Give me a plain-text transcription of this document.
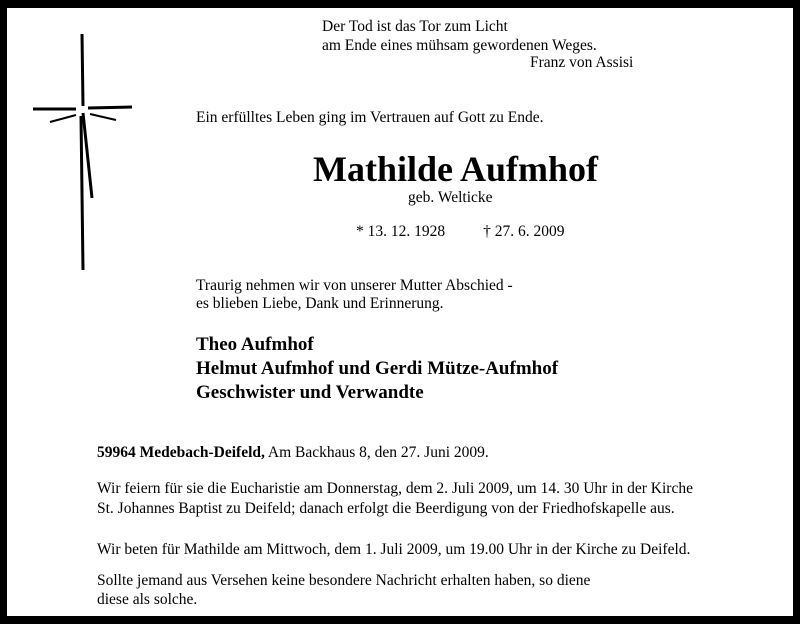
Der Tod ist das Tor zum Licht

am Ende eines mühsam gewordenen Weges.

Franz von Assisi

Ein erfülltes Leben ging im Vertrauen auf Gott zu Ende.

Mathilde Aufmhof

geb. Welticke

* 13. 12. 1928 † 27. 6. 2009

Traurig nehmen wir von unserer Mutter Abschied -

es blieben Liebe, Dank und Erinnerung.

Theo Aufmhof

Helmut Aufmhof und Gerdi Mütze-Aufmhof

Geschwister und Verwandte

59964 Medebach-Deifeld, Am Backhaus 8, den 27. Juni 2009.

Wir feiern für sie die Eucharistie am Donnerstag, dem 2. Juli 2009, um 14. 30 Uhr in der Kirche

St. Johannes Baptist zu Deifeld; danach erfolgt die Beerdigung von der Friedhofskapelle aus.

Wir beten für Mathilde am Mittwoch, dem 1. Juli 2009, um 19.00 Uhr in der Kirche zu Deifeld.

Sollte jemand aus Versehen keine besondere Nachricht erhalten haben, so diene

diese als solche.
